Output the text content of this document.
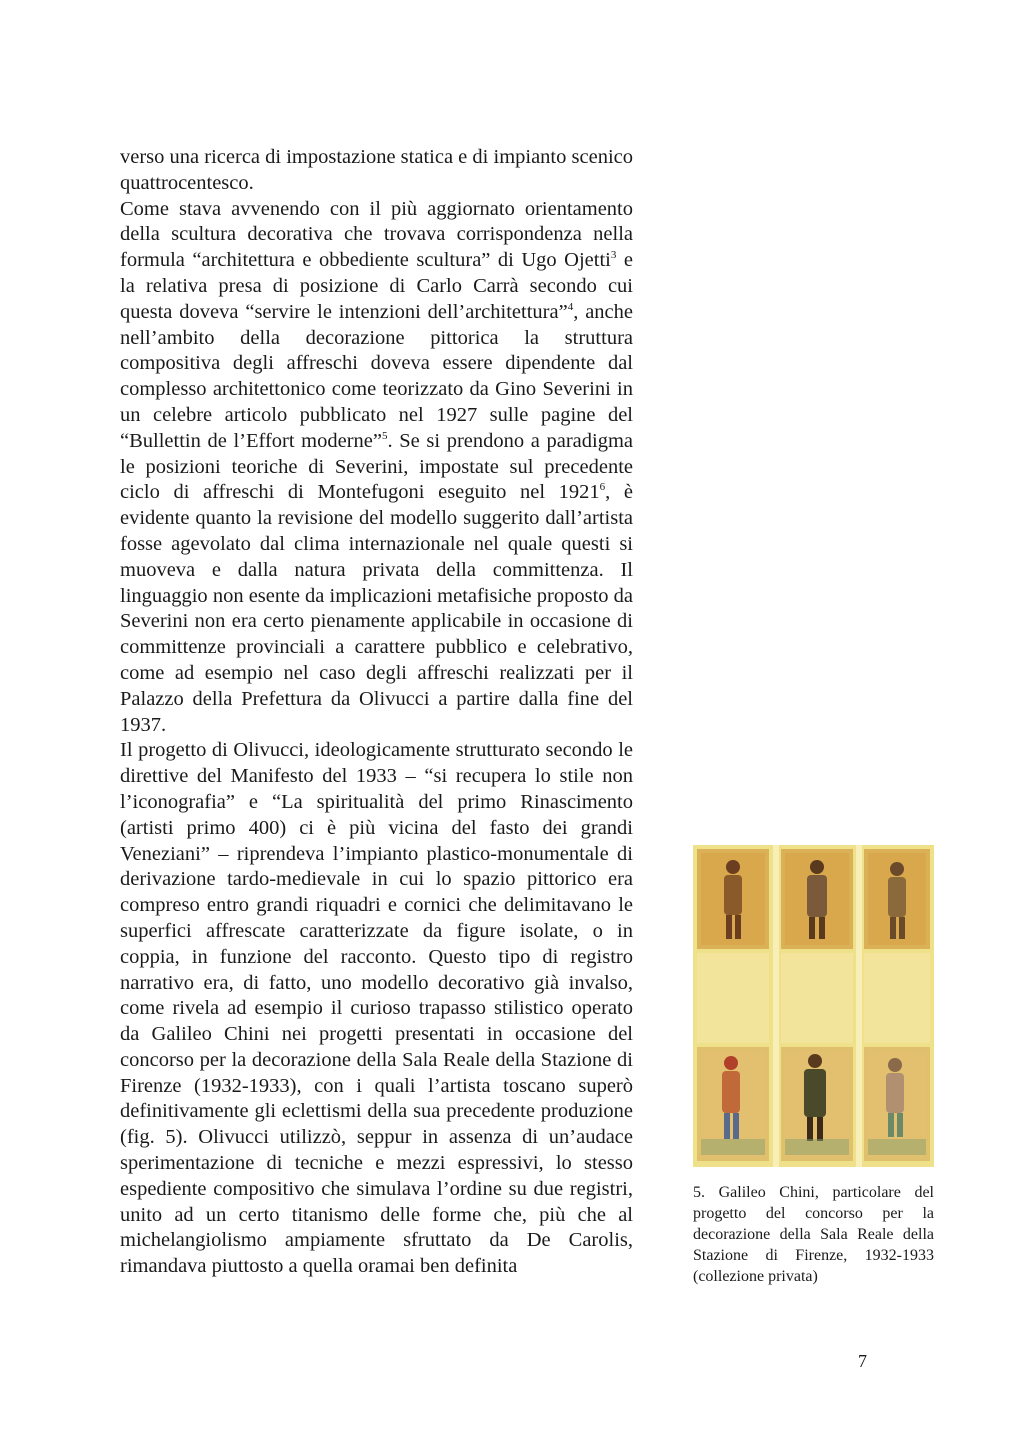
verso una ricerca di impostazione statica e di impianto scenico quattrocentesco.

Come stava avvenendo con il più aggiornato orientamento della scultura decorativa che trovava corrispondenza nella formula “architettura e obbediente scultura” di Ugo Ojetti$^3$ e la relativa presa di posizione di Carlo Carrà secondo cui questa doveva “servire le intenzioni dell’architettura”$^4$, anche nell’ambito della decorazione pittorica la struttura compositiva degli affreschi doveva essere dipendente dal complesso architettonico come teorizzato da Gino Severini in un celebre articolo pubblicato nel 1927 sulle pagine del “Bullettin de l’Effort moderne”$^5$. Se si prendono a paradigma le posizioni teoriche di Severini, impostate sul precedente ciclo di affreschi di Montefugoni eseguito nel 1921$^6$, è evidente quanto la revisione del modello suggerito dall’artista fosse agevolato dal clima internazionale nel quale questi si muoveva e dalla natura privata della committenza. Il linguaggio non esente da implicazioni metafisiche proposto da Severini non era certo pienamente applicabile in occasione di committenze provinciali a carattere pubblico e celebrativo, come ad esempio nel caso degli affreschi realizzati per il Palazzo della Prefettura da Olivucci a partire dalla fine del 1937.

Il progetto di Olivucci, ideologicamente strutturato secondo le direttive del Manifesto del 1933 – “si recupera lo stile non l’iconografia” e “La spiritualità del primo Rinascimento (artisti primo 400) ci è più vicina del fasto dei grandi Veneziani” – riprendeva l’impianto plastico-monumentale di derivazione tardo-medievale in cui lo spazio pittorico era compreso entro grandi riquadri e cornici che delimitavano le superfici affrescate caratterizzate da figure isolate, o in coppia, in funzione del racconto. Questo tipo di registro narrativo era, di fatto, uno modello decorativo già invalso, come rivela ad esempio il curioso trapasso stilistico operato da Galileo Chini nei progetti presentati in occasione del concorso per la decorazione della Sala Reale della Stazione di Firenze (1932-1933), con i quali l’artista toscano superò definitivamente gli eclettismi della sua precedente produzione (fig. 5). Olivucci utilizzò, seppur in assenza di un’audace sperimentazione di tecniche e mezzi espressivi, lo stesso espediente compositivo che simulava l’ordine su due registri, unito ad un certo titanismo delle forme che, più che al michelangiolismo ampiamente sfruttato da De Carolis, rimandava piuttosto a quella oramai ben definita

5. Galileo Chini, particolare del progetto del concorso per la decorazione della Sala Reale della Stazione di Firenze, 1932-1933 (collezione privata)
7
